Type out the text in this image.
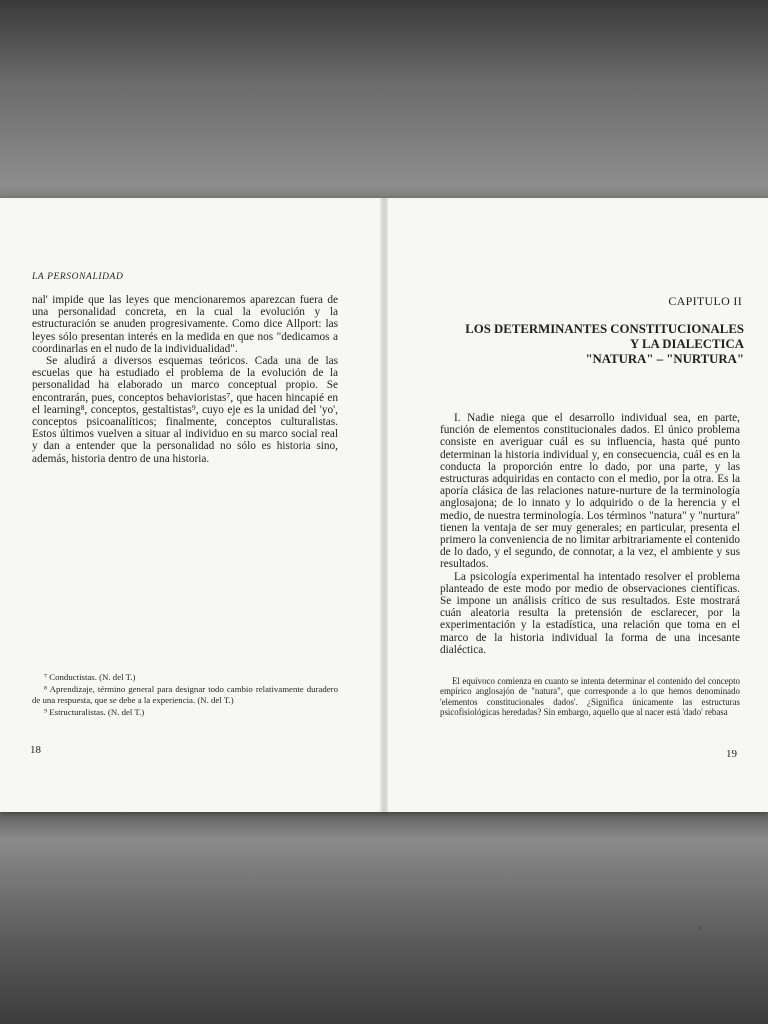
LA PERSONALIDAD

nal' impide que las leyes que mencionaremos aparezcan fuera de una personalidad concreta, en la cual la evolución y la estructuración se anuden progresivamente. Como dice Allport: las leyes sólo presentan interés en la medida en que nos "dedicamos a coordinarlas en el nudo de la individualidad".

Se aludirá a diversos esquemas teóricos. Cada una de las escuelas que ha estudiado el problema de la evolución de la personalidad ha elaborado un marco conceptual propio. Se encontrarán, pues, conceptos behavioristas⁷, que hacen hincapié en el learning⁸, conceptos, gestaltistas⁹, cuyo eje es la unidad del 'yo', conceptos psicoanalíticos; finalmente, conceptos culturalistas. Estos últimos vuelven a situar al individuo en su marco social real y dan a entender que la personalidad no sólo es historia sino, además, historia dentro de una historia.

⁷ Conductistas. (N. del T.)

⁸ Aprendizaje, término general para designar todo cambio relativamente duradero de una respuesta, que se debe a la experiencia. (N. del T.)

⁹ Estructuralistas. (N. del T.)

18
CAPITULO II
LOS DETERMINANTES CONSTITUCIONALES
Y LA DIALECTICA
"NATURA" – "NURTURA"

I. Nadie niega que el desarrollo individual sea, en parte, función de elementos constitucionales dados. El único problema consiste en averiguar cuál es su influencia, hasta qué punto determinan la historia individual y, en consecuencia, cuál es en la conducta la proporción entre lo dado, por una parte, y las estructuras adquiridas en contacto con el medio, por la otra. Es la aporía clásica de las relaciones nature-nurture de la terminología anglosajona; de lo innato y lo adquirido o de la herencia y el medio, de nuestra terminología. Los términos "natura" y "nurtura" tienen la ventaja de ser muy generales; en particular, presenta el primero la conveniencia de no limitar arbitrariamente el contenido de lo dado, y el segundo, de connotar, a la vez, el ambiente y sus resultados.

La psicología experimental ha intentado resolver el problema planteado de este modo por medio de observaciones científicas. Se impone un análisis crítico de sus resultados. Este mostrará cuán aleatoria resulta la pretensión de esclarecer, por la experimentación y la estadística, una relación que toma en el marco de la historia individual la forma de una incesante dialéctica.

El equívoco comienza en cuanto se intenta determinar el contenido del concepto empírico anglosajón de "natura", que corresponde a lo que hemos denominado 'elementos constitucionales dados'. ¿Significa únicamente las estructuras psicofisiológicas heredadas? Sin embargo, aquello que al nacer está 'dado' rebasa

19
